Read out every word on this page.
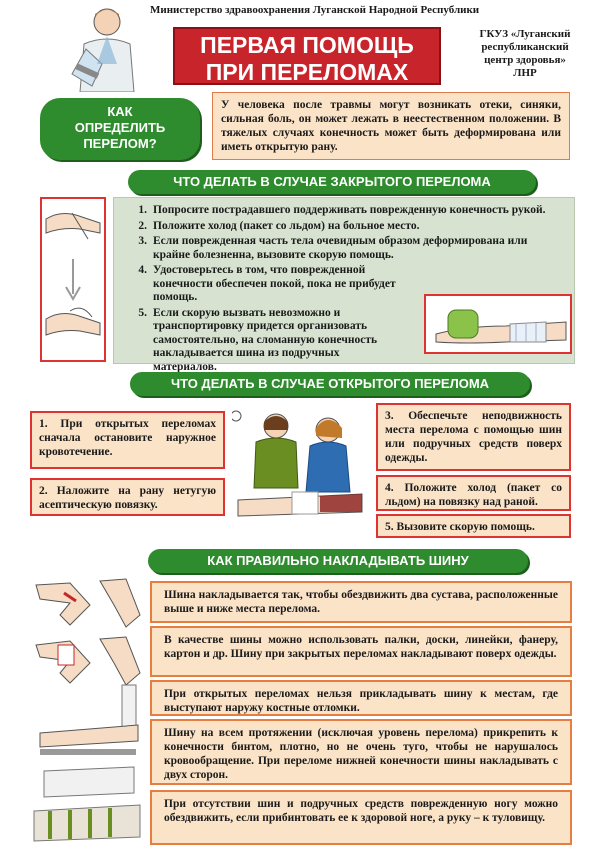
Министерство здравоохранения Луганской Народной Республики
ПЕРВАЯ ПОМОЩЬ
ПРИ ПЕРЕЛОМАХ
ГКУЗ «Луганский
республиканский
центр здоровья»
ЛНР
КАК
ОПРЕДЕЛИТЬ
ПЕРЕЛОМ?
У человека после травмы могут возникать отеки, синяки, сильная боль, он может лежать в неестественном положении. В тяжелых случаях конечность может быть деформирована или иметь открытую рану.
ЧТО ДЕЛАТЬ В СЛУЧАЕ ЗАКРЫТОГО ПЕРЕЛОМА
1. Попросите пострадавшего поддерживать поврежденную конечность рукой.
2. Положите холод (пакет со льдом) на больное место.
3. Если поврежденная часть тела очевидным образом деформирована или крайне болезненна, вызовите скорую помощь.
4. Удостоверьтесь в том, что поврежденной конечности обеспечен покой, пока не прибудет помощь.
5. Если скорую вызвать невозможно и транспортировку придется организовать самостоятельно, на сломанную конечность накладывается шина из подручных материалов.
ЧТО ДЕЛАТЬ В СЛУЧАЕ ОТКРЫТОГО ПЕРЕЛОМА
1. При открытых переломах сначала остановите наружное кровотечение.
2. Наложите на рану нетугую асептическую повязку.
3. Обеспечьте неподвижность места перелома с помощью шин или подручных средств поверх одежды.
4. Положите холод (пакет со льдом) на повязку над раной.
5. Вызовите скорую помощь.
КАК ПРАВИЛЬНО НАКЛАДЫВАТЬ ШИНУ
Шина накладывается так, чтобы обездвижить два сустава, расположенные выше и ниже места перелома.
В качестве шины можно использовать палки, доски, линейки, фанеру, картон и др. Шину при закрытых переломах накладывают поверх одежды.
При открытых переломах нельзя прикладывать шину к местам, где выступают наружу костные отломки.
Шину на всем протяжении (исключая уровень перелома) прикрепить к конечности бинтом, плотно, но не очень туго, чтобы не нарушалось кровообращение. При переломе нижней конечности шины накладывать с двух сторон.
При отсутствии шин и подручных средств поврежденную ногу можно обездвижить, если прибинтовать ее к здоровой ноге, а руку – к туловищу.
